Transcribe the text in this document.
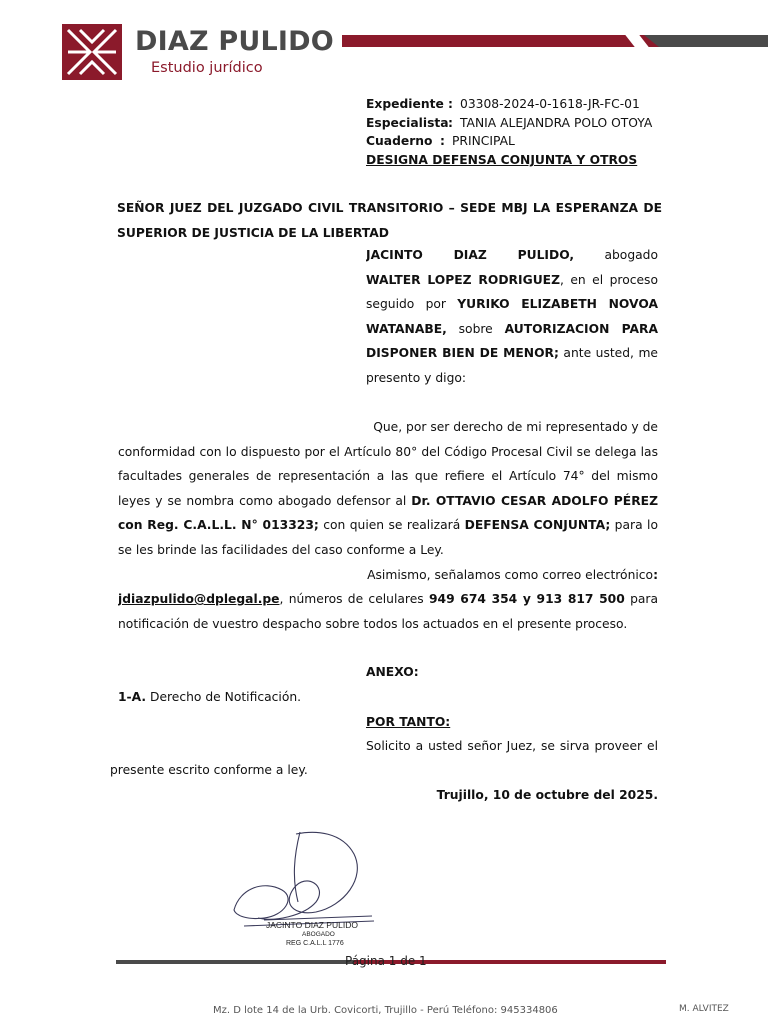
DIAZ PULIDO
Estudio jurídico
Expediente : 03308-2024-0-1618-JR-FC-01
Especialista: TANIA ALEJANDRA POLO OTOYA
Cuaderno : PRINCIPAL
DESIGNA DEFENSA CONJUNTA Y OTROS
SEÑOR JUEZ DEL JUZGADO CIVIL TRANSITORIO – SEDE MBJ LA ESPERANZA DE
SUPERIOR DE JUSTICIA DE LA LIBERTAD
JACINTO DIAZ PULIDO, abogado
WALTER LOPEZ RODRIGUEZ, en el proceso
seguido por YURIKO ELIZABETH NOVOA
WATANABE, sobre AUTORIZACION PARA
DISPONER BIEN DE MENOR; ante usted, me
presento y digo:
Que, por ser derecho de mi representado y de
conformidad con lo dispuesto por el Artículo 80° del Código Procesal Civil se delega las
facultades generales de representación a las que refiere el Artículo 74° del mismo
leyes y se nombra como abogado defensor al Dr. OTTAVIO CESAR ADOLFO PÉREZ
con Reg. C.A.L.L. N° 013323; con quien se realizará DEFENSA CONJUNTA; para lo
se les brinde las facilidades del caso conforme a Ley.
Asimismo, señalamos como correo electrónico:
jdiazpulido@dplegal.pe, números de celulares 949 674 354 y 913 817 500 para
notificación de vuestro despacho sobre todos los actuados en el presente proceso.
ANEXO:
1-A. Derecho de Notificación.
POR TANTO:
Solicito a usted señor Juez, se sirva proveer el
presente escrito conforme a ley.
Trujillo, 10 de octubre del 2025.
JACINTO DIAZ PULIDO
ABOGADO
REG C.A.L.L 1776
Página 1 de 1
Mz. D lote 14 de la Urb. Covicorti, Trujillo - Perú Teléfono: 945334806	M. ALVITEZ
